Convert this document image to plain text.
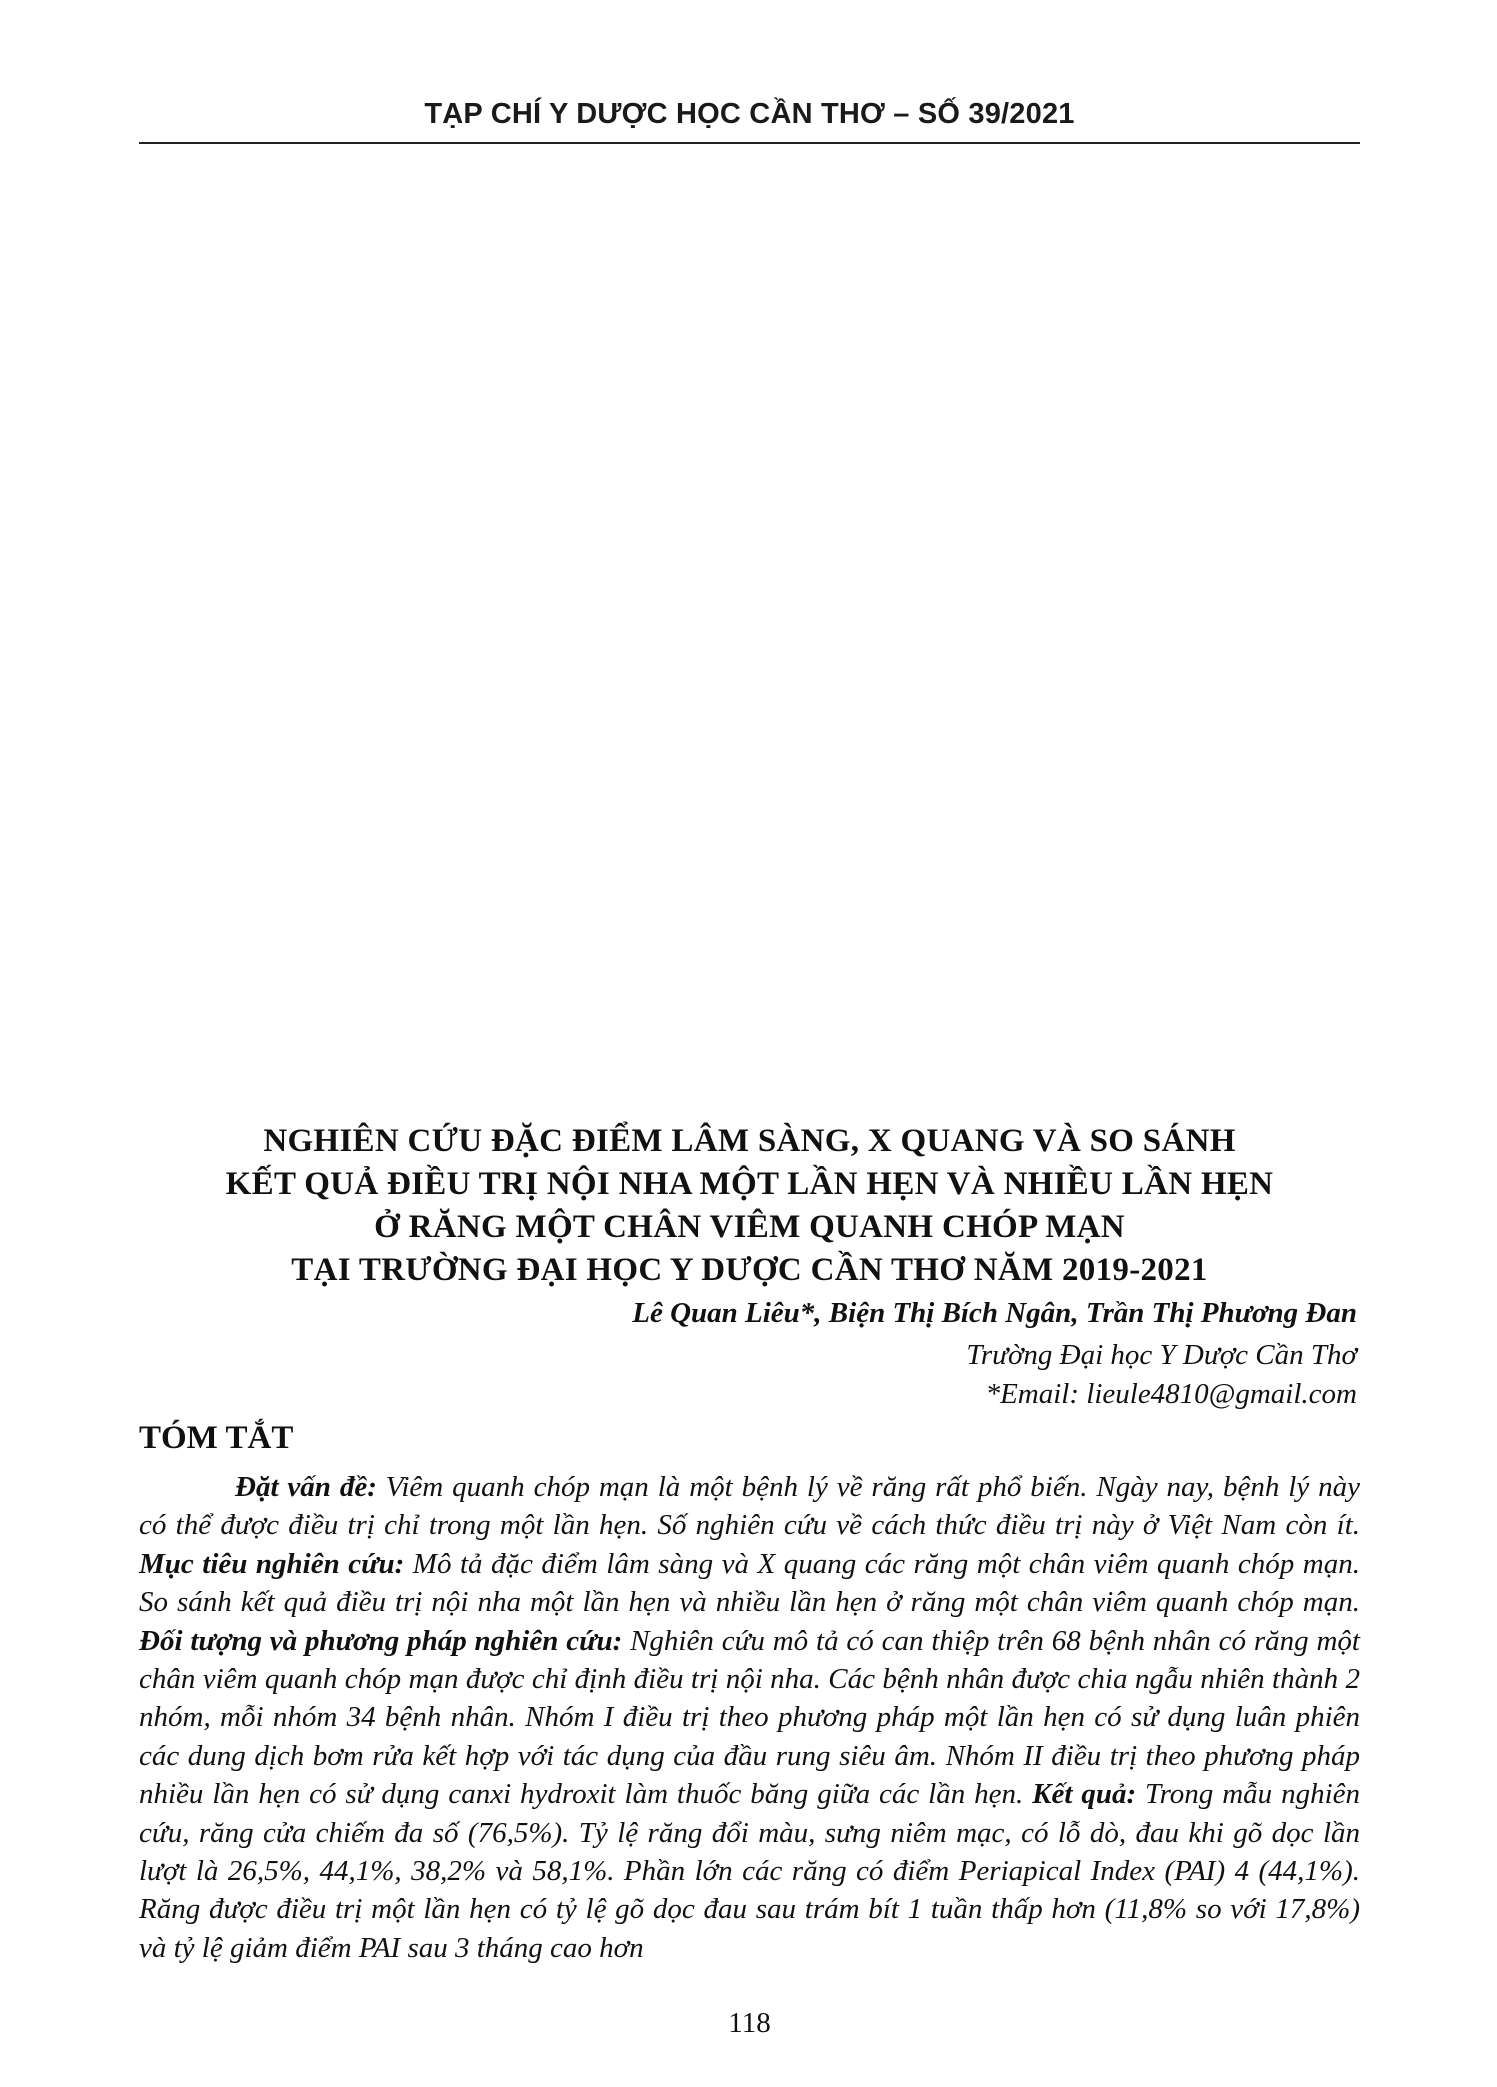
TẠP CHÍ Y DƯỢC HỌC CẦN THƠ – SỐ 39/2021
NGHIÊN CỨU ĐẶC ĐIỂM LÂM SÀNG, X QUANG VÀ SO SÁNH
KẾT QUẢ ĐIỀU TRỊ NỘI NHA MỘT LẦN HẸN VÀ NHIỀU LẦN HẸN
Ở RĂNG MỘT CHÂN VIÊM QUANH CHÓP MẠN
TẠI TRƯỜNG ĐẠI HỌC Y DƯỢC CẦN THƠ NĂM 2019-2021
Lê Quan Liêu*, Biện Thị Bích Ngân, Trần Thị Phương Đan
Trường Đại học Y Dược Cần Thơ
*Email: lieule4810@gmail.com
TÓM TẮT
Đặt vấn đề: Viêm quanh chóp mạn là một bệnh lý về răng rất phổ biến. Ngày nay, bệnh lý này có thể được điều trị chỉ trong một lần hẹn. Số nghiên cứu về cách thức điều trị này ở Việt Nam còn ít. Mục tiêu nghiên cứu: Mô tả đặc điểm lâm sàng và X quang các răng một chân viêm quanh chóp mạn. So sánh kết quả điều trị nội nha một lần hẹn và nhiều lần hẹn ở răng một chân viêm quanh chóp mạn. Đối tượng và phương pháp nghiên cứu: Nghiên cứu mô tả có can thiệp trên 68 bệnh nhân có răng một chân viêm quanh chóp mạn được chỉ định điều trị nội nha. Các bệnh nhân được chia ngẫu nhiên thành 2 nhóm, mỗi nhóm 34 bệnh nhân. Nhóm I điều trị theo phương pháp một lần hẹn có sử dụng luân phiên các dung dịch bơm rửa kết hợp với tác dụng của đầu rung siêu âm. Nhóm II điều trị theo phương pháp nhiều lần hẹn có sử dụng canxi hydroxit làm thuốc băng giữa các lần hẹn. Kết quả: Trong mẫu nghiên cứu, răng cửa chiếm đa số (76,5%). Tỷ lệ răng đổi màu, sưng niêm mạc, có lỗ dò, đau khi gõ dọc lần lượt là 26,5%, 44,1%, 38,2% và 58,1%. Phần lớn các răng có điểm Periapical Index (PAI) 4 (44,1%). Răng được điều trị một lần hẹn có tỷ lệ gõ dọc đau sau trám bít 1 tuần thấp hơn (11,8% so với 17,8%) và tỷ lệ giảm điểm PAI sau 3 tháng cao hơn
118
